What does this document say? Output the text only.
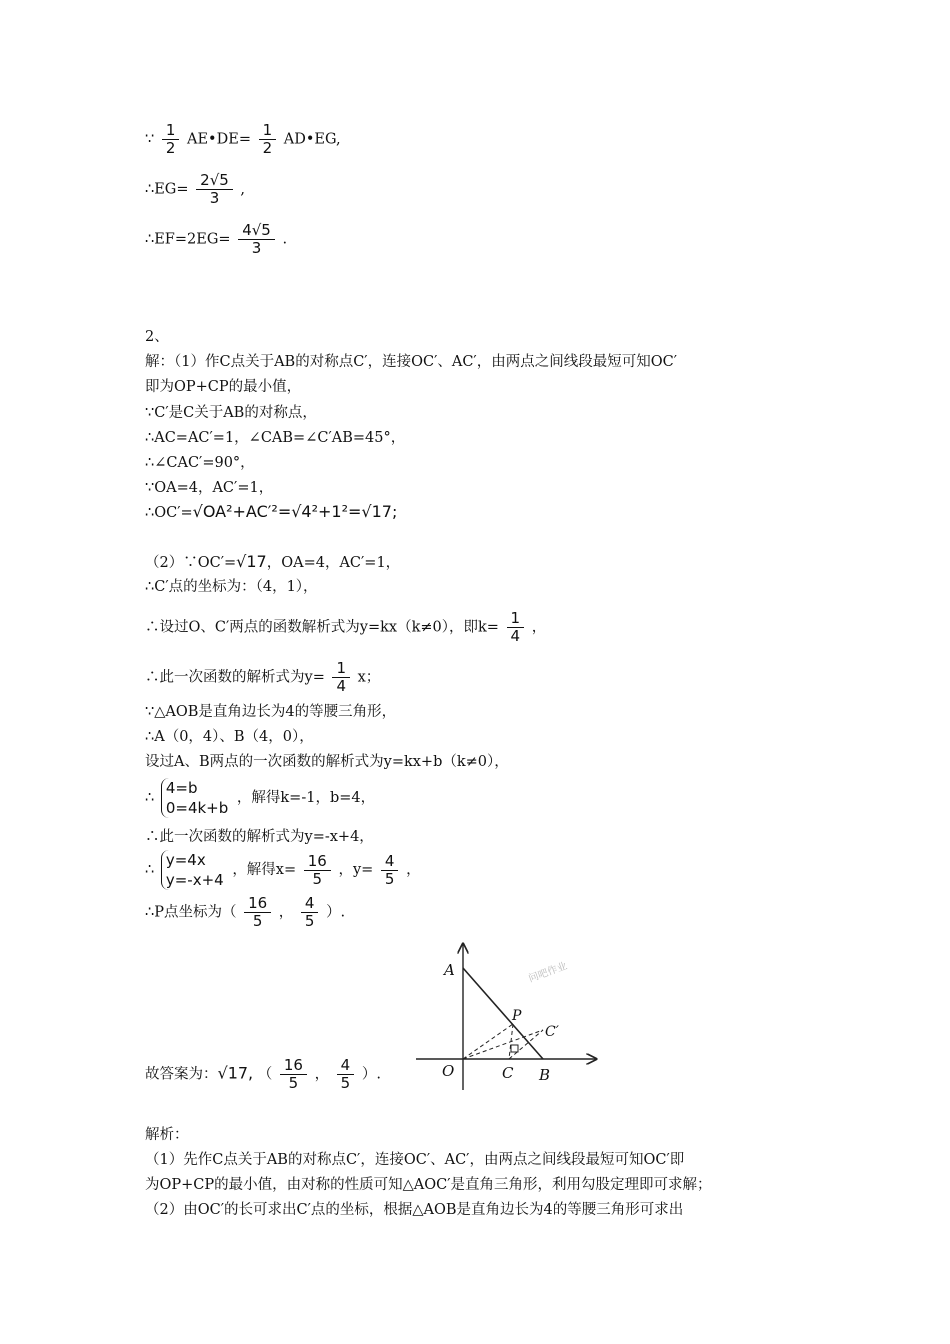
∵ $\frac{1}{2}$ AE•DE= $\frac{1}{2}$ AD•EG,
∴EG= $\frac{2√5}{3}$ ,
∴EF=2EG= $\frac{4√5}{3}$ .
2、
解：（1）作C点关于AB的对称点C′，连接OC′、AC′，由两点之间线段最短可知OC′
即为OP+CP的最小值，
∵C′是C关于AB的对称点，
∴AC=AC′=1，∠CAB=∠C′AB=45°，
∴∠CAC′=90°，
∵OA=4，AC′=1，
∴OC′=√OA²+AC′²=√4²+1²=√17;
（2）∵OC′=√17，OA=4，AC′=1，
∴C′点的坐标为：（4，1），
∴设过O、C′两点的函数解析式为y=kx（k≠0），即$k= \frac{1}{4}$ ，
∴此一次函数的解析式为$y= \frac{1}{4}$ x；
∵△AOB是直角边长为4的等腰三角形，
∴A（0，4）、B（4，0），
设过A、B两点的一次函数的解析式为y=kx+b（k≠0），
∴
4=b
0=4k+b
，解得k=-1，b=4，
∴此一次函数的解析式为y=-x+4，
∴
y=4x
y=-x+4
，解得$x= \frac{16}{5}$ ，$y= \frac{4}{5}$ ，
∴P点坐标为（ $\frac{16}{5}$ ， $\frac{4}{5}$ ）.
A
O	C B
P
C′
问吧作业
故答案为：√17, （ $\frac{16}{5}$ ， $\frac{4}{5}$ ）.
解析：
（1）先作C点关于AB的对称点C′，连接OC′、AC′，由两点之间线段最短可知OC′即
为OP+CP的最小值，由对称的性质可知△AOC′是直角三角形，利用勾股定理即可求解；
（2）由OC′的长可求出C′点的坐标，根据△AOB是直角边长为4的等腰三角形可求出
